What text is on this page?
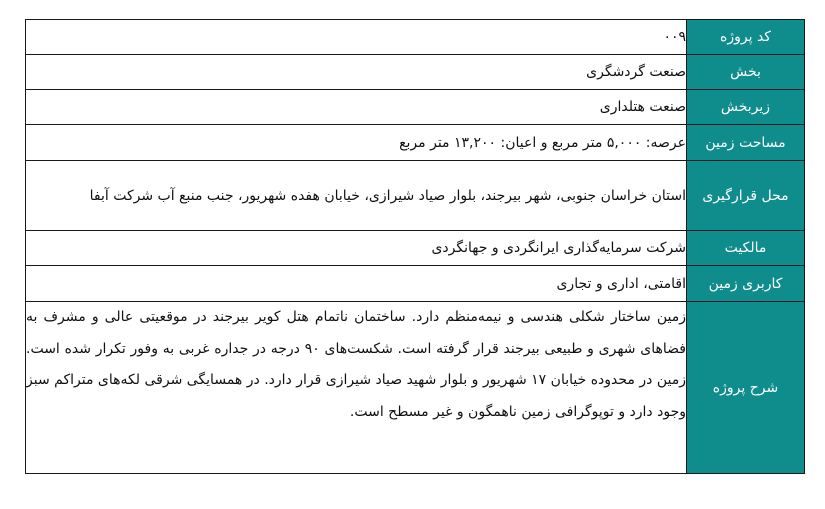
کد پروژه	۰۰۹
بخش	صنعت گردشگری
زیربخش	صنعت هتلداری
مساحت زمین	عرصه: ۵,۰۰۰ متر مربع و اعیان: ۱۳,۲۰۰ متر مربع
محل قرارگیری	استان خراسان جنوبی، شهر بیرجند، بلوار صیاد شیرازی، خیابان هفده شهریور، جنب منبع آب شرکت آبفا
مالکیت	شرکت سرمایه‌گذاری ایرانگردی و جهانگردی
کاربری زمین	اقامتی، اداری و تجاری
شرح پروژه	زمین ساختار شکلی هندسی و نیمه‌منظم دارد. ساختمان ناتمام هتل کویر بیرجند در موقعیتی عالی و مشرف به فضاهای شهری و طبیعی بیرجند قرار گرفته است. شکست‌های ۹۰ درجه در جداره غربی به وفور تکرار شده است. زمین در محدوده خیابان ۱۷ شهریور و بلوار شهید صیاد شیرازی قرار دارد. در همسایگی شرقی لکه‌های متراکم سبز وجود دارد و توپوگرافی زمین ناهمگون و غیر مسطح است.
